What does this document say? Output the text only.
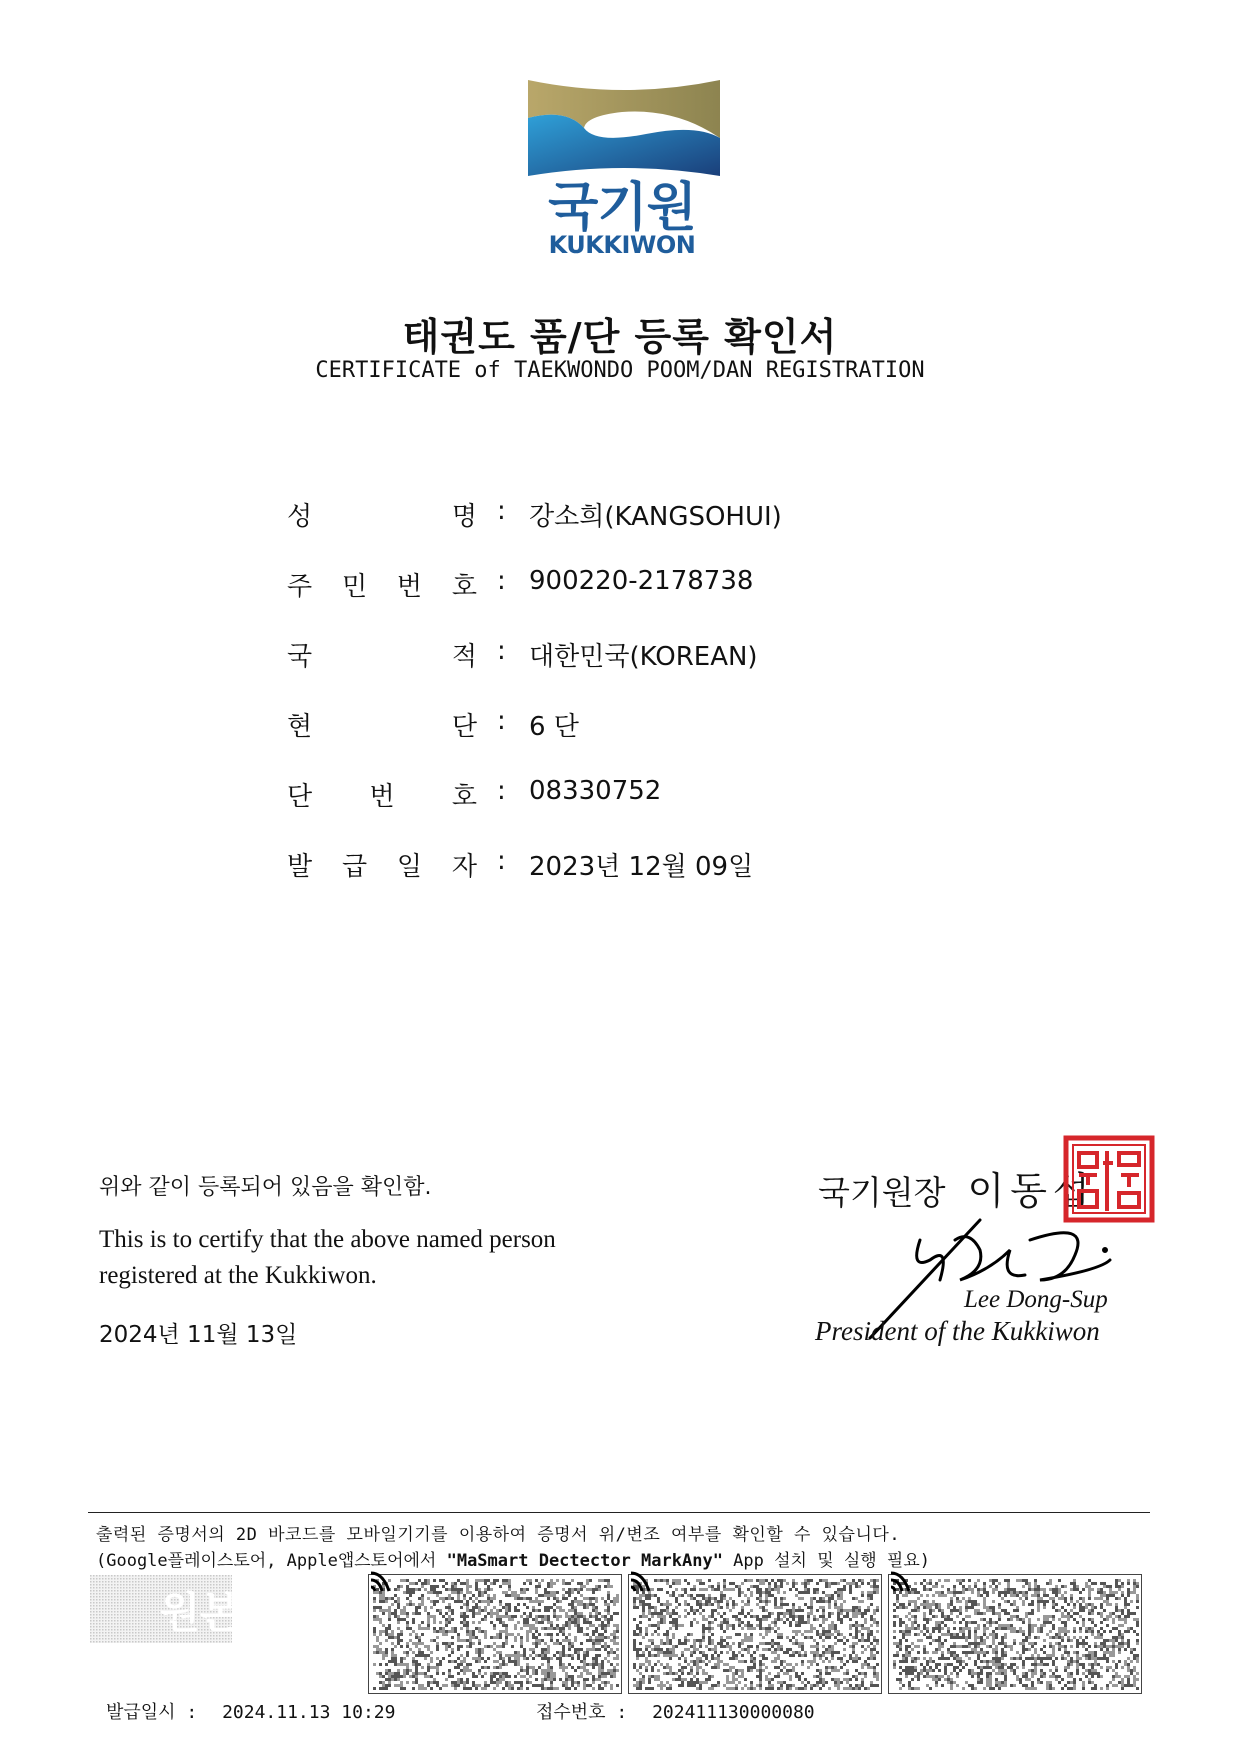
국기원
KUKKIWON
태권도 품/단 등록 확인서
CERTIFICATE of TAEKWONDO POOM/DAN REGISTRATION
성	명 : 강소희(KANGSOHUI)
주 민 번 호 : 900220-2178738
국	적 : 대한민국(KOREAN)
현	단 : 6 단
단 번 호 : 08330752
발 급 일 자 : 2023년 12월 09일
위와 같이 등록되어 있음을 확인함.
This is to certify that the above named person registered at the Kukkiwon.
2024년 11월 13일
국기원장 이동섭
Lee Dong-Sup
President of the Kukkiwon
출력된 증명서의 2D 바코드를 모바일기기를 이용하여 증명서 위/변조 여부를 확인할 수 있습니다.
(Google플레이스토어, Apple앱스토어에서 "MaSmart Dectector MarkAny" App 설치 및 실행 필요)
원본
발급일시 : 2024.11.13 10:29	접수번호 : 202411130000080
